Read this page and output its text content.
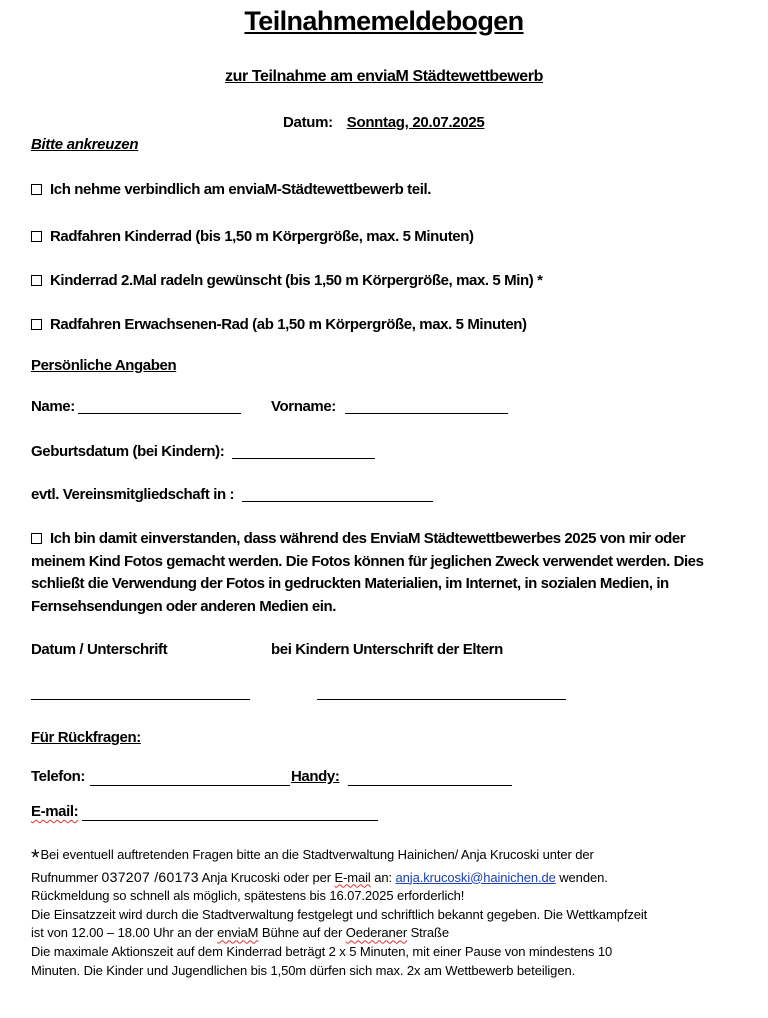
Teilnahmemeldebogen
zur Teilnahme am enviaM Städtewettbewerb
Datum: Sonntag, 20.07.2025
Bitte ankreuzen
Ich nehme verbindlich am enviaM-Städtewettbewerb teil.
Radfahren Kinderrad (bis 1,50 m Körpergröße, max. 5 Minuten)
Kinderrad 2.Mal radeln gewünscht (bis 1,50 m Körpergröße, max. 5 Min) *
Radfahren Erwachsenen-Rad (ab 1,50 m Körpergröße, max. 5 Minuten)
Persönliche Angaben
Name:	Vorname:
Geburtsdatum (bei Kindern):
evtl. Vereinsmitgliedschaft in :
Ich bin damit einverstanden, dass während des EnviaM Städtewettbewerbes 2025 von mir oder meinem Kind Fotos gemacht werden. Die Fotos können für jeglichen Zweck verwendet werden. Dies schließt die Verwendung der Fotos in gedruckten Materialien, im Internet, in sozialen Medien, in Fernsehsendungen oder anderen Medien ein.
Datum / Unterschrift	bei Kindern Unterschrift der Eltern
Für Rückfragen:
Telefon:	Handy:
E-mail:
*Bei eventuell auftretenden Fragen bitte an die Stadtverwaltung Hainichen/ Anja Krucoski unter der
Rufnummer 037207 /60173 Anja Krucoski oder per E-mail an: anja.krucoski@hainichen.de wenden.
Rückmeldung so schnell als möglich, spätestens bis 16.07.2025 erforderlich!
Die Einsatzzeit wird durch die Stadtverwaltung festgelegt und schriftlich bekannt gegeben. Die Wettkampfzeit
ist von 12.00 – 18.00 Uhr an der enviaM Bühne auf der Oederaner Straße
Die maximale Aktionszeit auf dem Kinderrad beträgt 2 x 5 Minuten, mit einer Pause von mindestens 10
Minuten. Die Kinder und Jugendlichen bis 1,50m dürfen sich max. 2x am Wettbewerb beteiligen.
